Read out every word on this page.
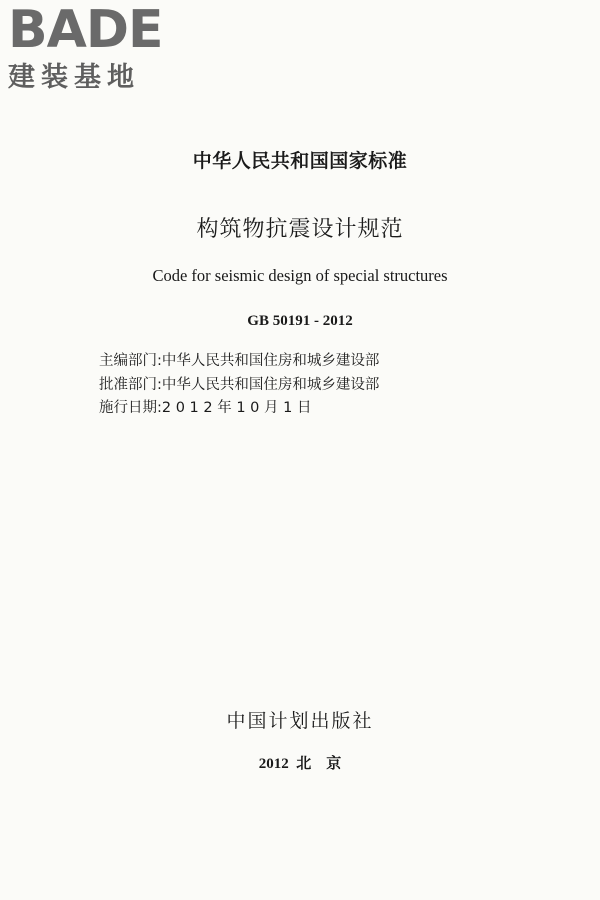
BADE
建装基地
中华人民共和国国家标准
构筑物抗震设计规范
Code for seismic design of special structures
GB 50191 - 2012
主编部门:中华人民共和国住房和城乡建设部
批准部门:中华人民共和国住房和城乡建设部
施行日期:2 0 1 2 年 1 0 月 1 日
中国计划出版社
2012  北    京
